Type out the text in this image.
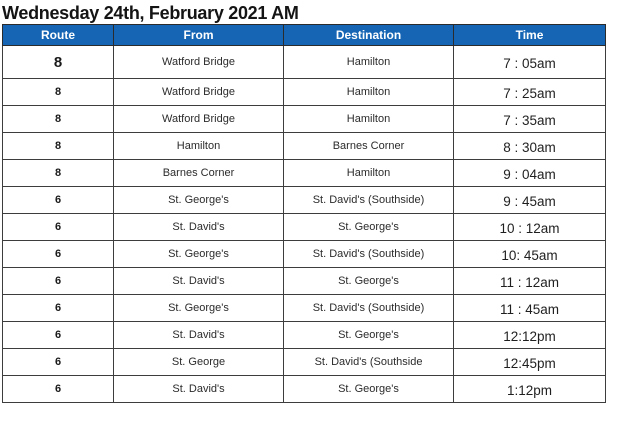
Wednesday 24th, February 2021 AM
Route	From	Destination	Time
8	Watford Bridge	Hamilton	7 : 05am
8	Watford Bridge	Hamilton	7 : 25am
8	Watford Bridge	Hamilton	7 : 35am
8	Hamilton	Barnes Corner	8 : 30am
8	Barnes Corner	Hamilton	9 : 04am
6	St. George's	St. David's (Southside)	9 : 45am
6	St. David's	St. George's	10 : 12am
6	St. George's	St. David's (Southside)	10: 45am
6	St. David's	St. George's	11 : 12am
6	St. George's	St. David's (Southside)	11 : 45am
6	St. David's	St. George's	12:12pm
6	St. George	St. David's (Southside	12:45pm
6	St. David's	St. George's	1:12pm
